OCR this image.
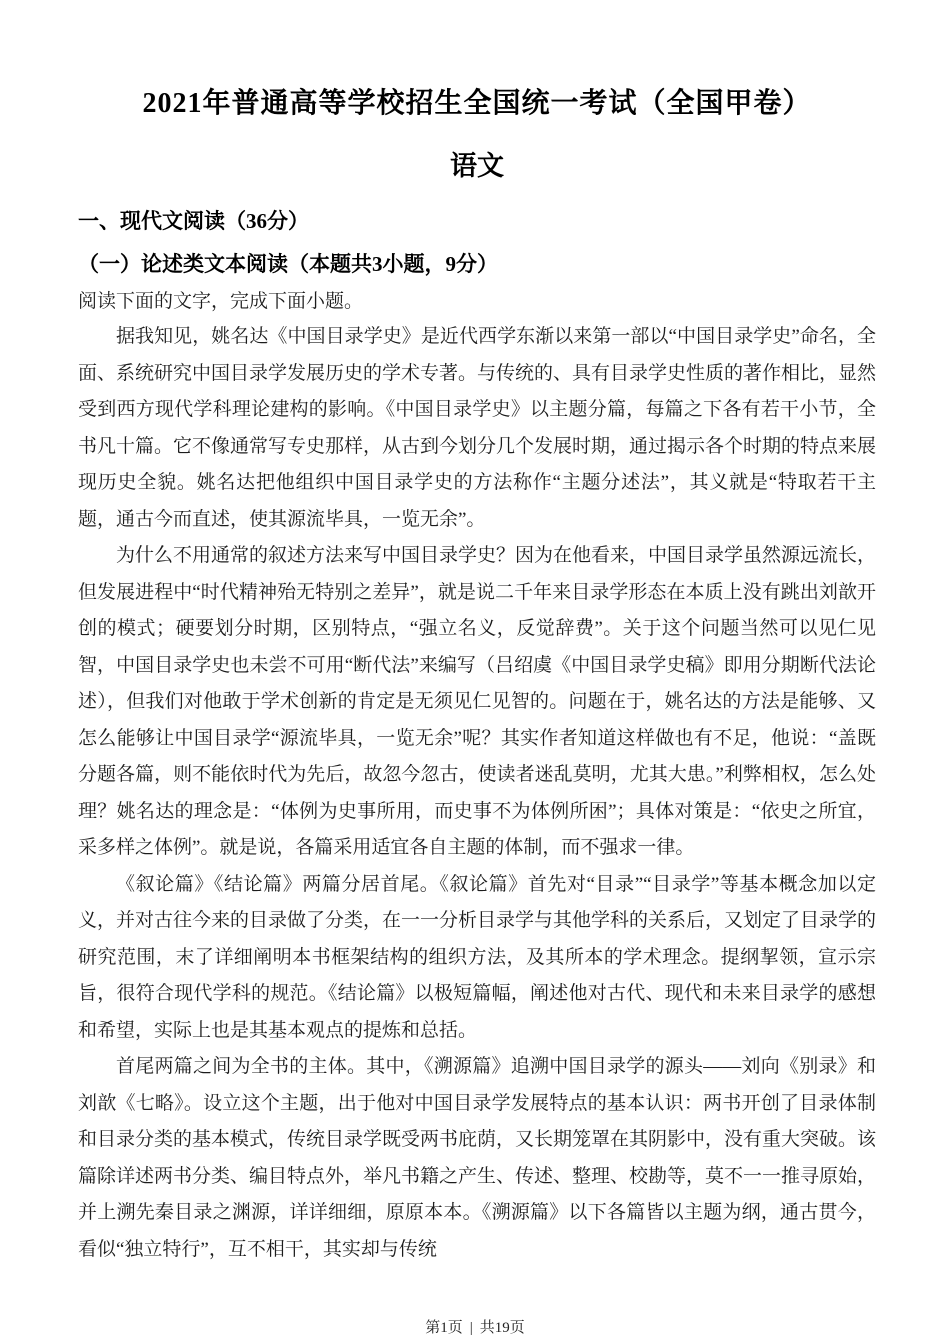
2021年普通高等学校招生全国统一考试（全国甲卷）
语文
一、现代文阅读（36分）
（一）论述类文本阅读（本题共3小题，9分）

阅读下面的文字，完成下面小题。

据我知见，姚名达《中国目录学史》是近代西学东渐以来第一部以“中国目录学史”命名，全面、系统研究中国目录学发展历史的学术专著。与传统的、具有目录学史性质的著作相比，显然受到西方现代学科理论建构的影响。《中国目录学史》以主题分篇，每篇之下各有若干小节，全书凡十篇。它不像通常写专史那样，从古到今划分几个发展时期，通过揭示各个时期的特点来展现历史全貌。姚名达把他组织中国目录学史的方法称作“主题分述法”，其义就是“特取若干主题，通古今而直述，使其源流毕具，一览无余”。

为什么不用通常的叙述方法来写中国目录学史？因为在他看来，中国目录学虽然源远流长，但发展进程中“时代精神殆无特别之差异”，就是说二千年来目录学形态在本质上没有跳出刘歆开创的模式；硬要划分时期，区别特点，“强立名义，反觉辞费”。关于这个问题当然可以见仁见智，中国目录学史也未尝不可用“断代法”来编写（吕绍虞《中国目录学史稿》即用分期断代法论述），但我们对他敢于学术创新的肯定是无须见仁见智的。问题在于，姚名达的方法是能够、又怎么能够让中国目录学“源流毕具，一览无余”呢？其实作者知道这样做也有不足，他说：“盖既分题各篇，则不能依时代为先后，故忽今忽古，使读者迷乱莫明，尤其大患。”利弊相权，怎么处理？姚名达的理念是：“体例为史事所用，而史事不为体例所困”；具体对策是：“依史之所宜，采多样之体例”。就是说，各篇采用适宜各自主题的体制，而不强求一律。

《叙论篇》《结论篇》两篇分居首尾。《叙论篇》首先对“目录”“目录学”等基本概念加以定义，并对古往今来的目录做了分类，在一一分析目录学与其他学科的关系后，又划定了目录学的研究范围，末了详细阐明本书框架结构的组织方法，及其所本的学术理念。提纲挈领，宣示宗旨，很符合现代学科的规范。《结论篇》以极短篇幅，阐述他对古代、现代和未来目录学的感想和希望，实际上也是其基本观点的提炼和总括。

首尾两篇之间为全书的主体。其中，《溯源篇》追溯中国目录学的源头——刘向《别录》和刘歆《七略》。设立这个主题，出于他对中国目录学发展特点的基本认识：两书开创了目录体制和目录分类的基本模式，传统目录学既受两书庇荫，又长期笼罩在其阴影中，没有重大突破。该篇除详述两书分类、编目特点外，举凡书籍之产生、传述、整理、校勘等，莫不一一推寻原始，并上溯先秦目录之渊源，详详细细，原原本本。《溯源篇》以下各篇皆以主题为纲，通古贯今，看似“独立特行”，互不相干，其实却与传统

第1页 | 共19页
